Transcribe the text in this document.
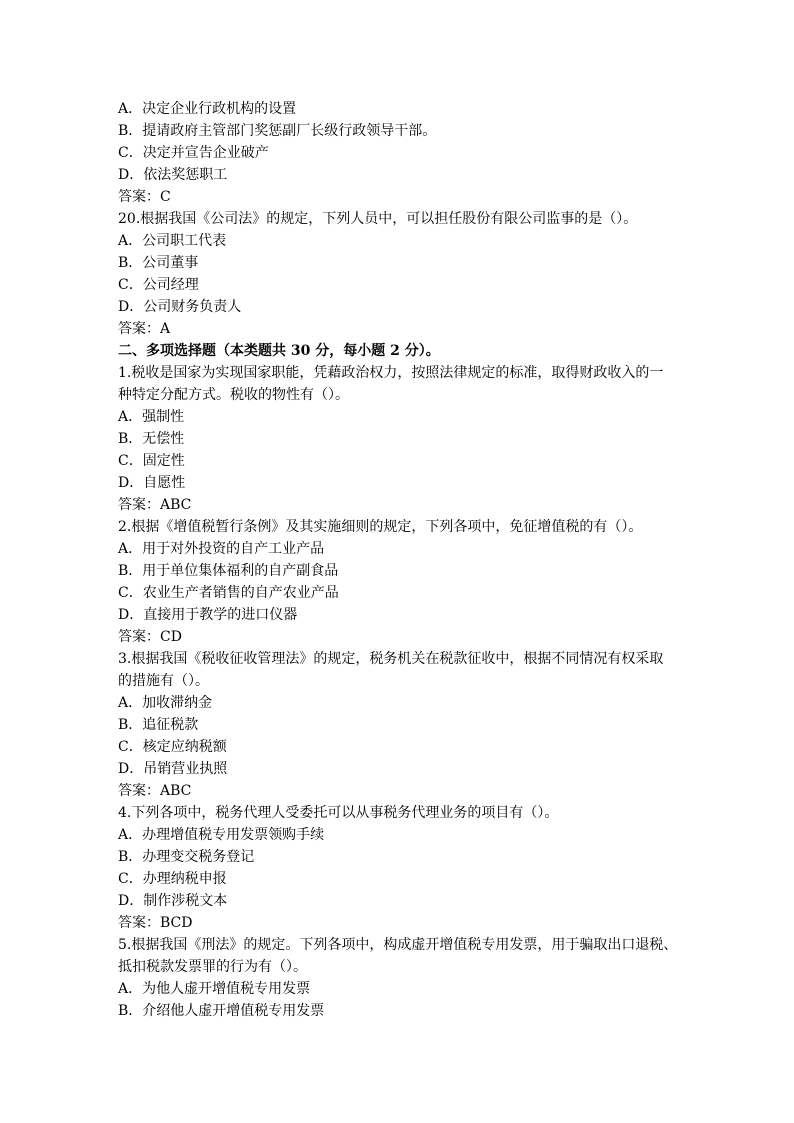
A．决定企业行政机构的设置
B．提请政府主管部门奖惩副厂长级行政领导干部。
C．决定并宣告企业破产
D．依法奖惩职工
答案：C
20.根据我国《公司法》的规定，下列人员中，可以担任股份有限公司监事的是（）。
A．公司职工代表
B．公司董事
C．公司经理
D．公司财务负责人
答案：A
二、多项选择题（本类题共 30 分，每小题 2 分）。
1.税收是国家为实现国家职能，凭藉政治权力，按照法律规定的标准，取得财政收入的一
种特定分配方式。税收的物性有（）。
A．强制性
B．无偿性
C．固定性
D．自愿性
答案：ABC
2.根据《增值税暂行条例》及其实施细则的规定，下列各项中，免征增值税的有（）。
A．用于对外投资的自产工业产品
B．用于单位集体福利的自产副食品
C．农业生产者销售的自产农业产品
D．直接用于教学的进口仪器
答案：CD
3.根据我国《税收征收管理法》的规定，税务机关在税款征收中，根据不同情况有权采取
的措施有（）。
A．加收滞纳金
B．追征税款
C．核定应纳税额
D．吊销营业执照
答案：ABC
4.下列各项中，税务代理人受委托可以从事税务代理业务的项目有（）。
A．办理增值税专用发票领购手续
B．办理变交税务登记
C．办理纳税申报
D．制作涉税文本
答案：BCD
5.根据我国《刑法》的规定。下列各项中，构成虚开增值税专用发票，用于骗取出口退税、
抵扣税款发票罪的行为有（）。
A．为他人虚开增值税专用发票
B．介绍他人虚开增值税专用发票
